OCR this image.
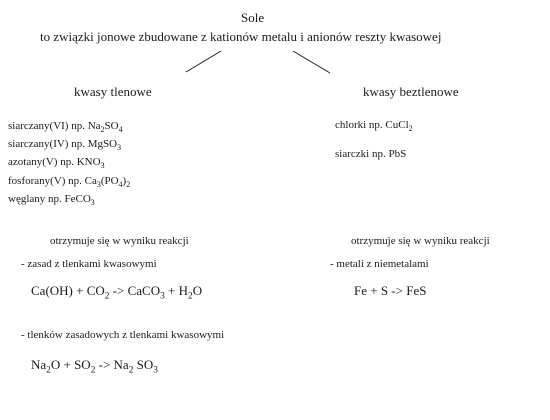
Sole
to związki jonowe zbudowane z kationów metalu i anionów reszty kwasowej
kwasy tlenowe	kwasy beztlenowe
siarczany(VI) np. $Na_2SO_4$
siarczany(IV) np. MgSO$_3$
azotany(V) np. $KNO_3$
fosforany(V) np. $Ca_3(PO_4)_2$
węglany np. FeCO$_3$
chlorki np. CuCl$_2$
siarczki np. PbS
otrzymuje się w wyniku reakcji	otrzymuje się w wyniku reakcji
- zasad z tlenkami kwasowymi	- metali z niemetalami
$Ca(OH) + CO_2$ -> CaCO$_3$ + $H_2O$	Fe + S -> FeS
- tlenków zasadowych z tlenkami kwasowymi
$Na_2O + SO_2 -> Na_2$ $SO_3$
